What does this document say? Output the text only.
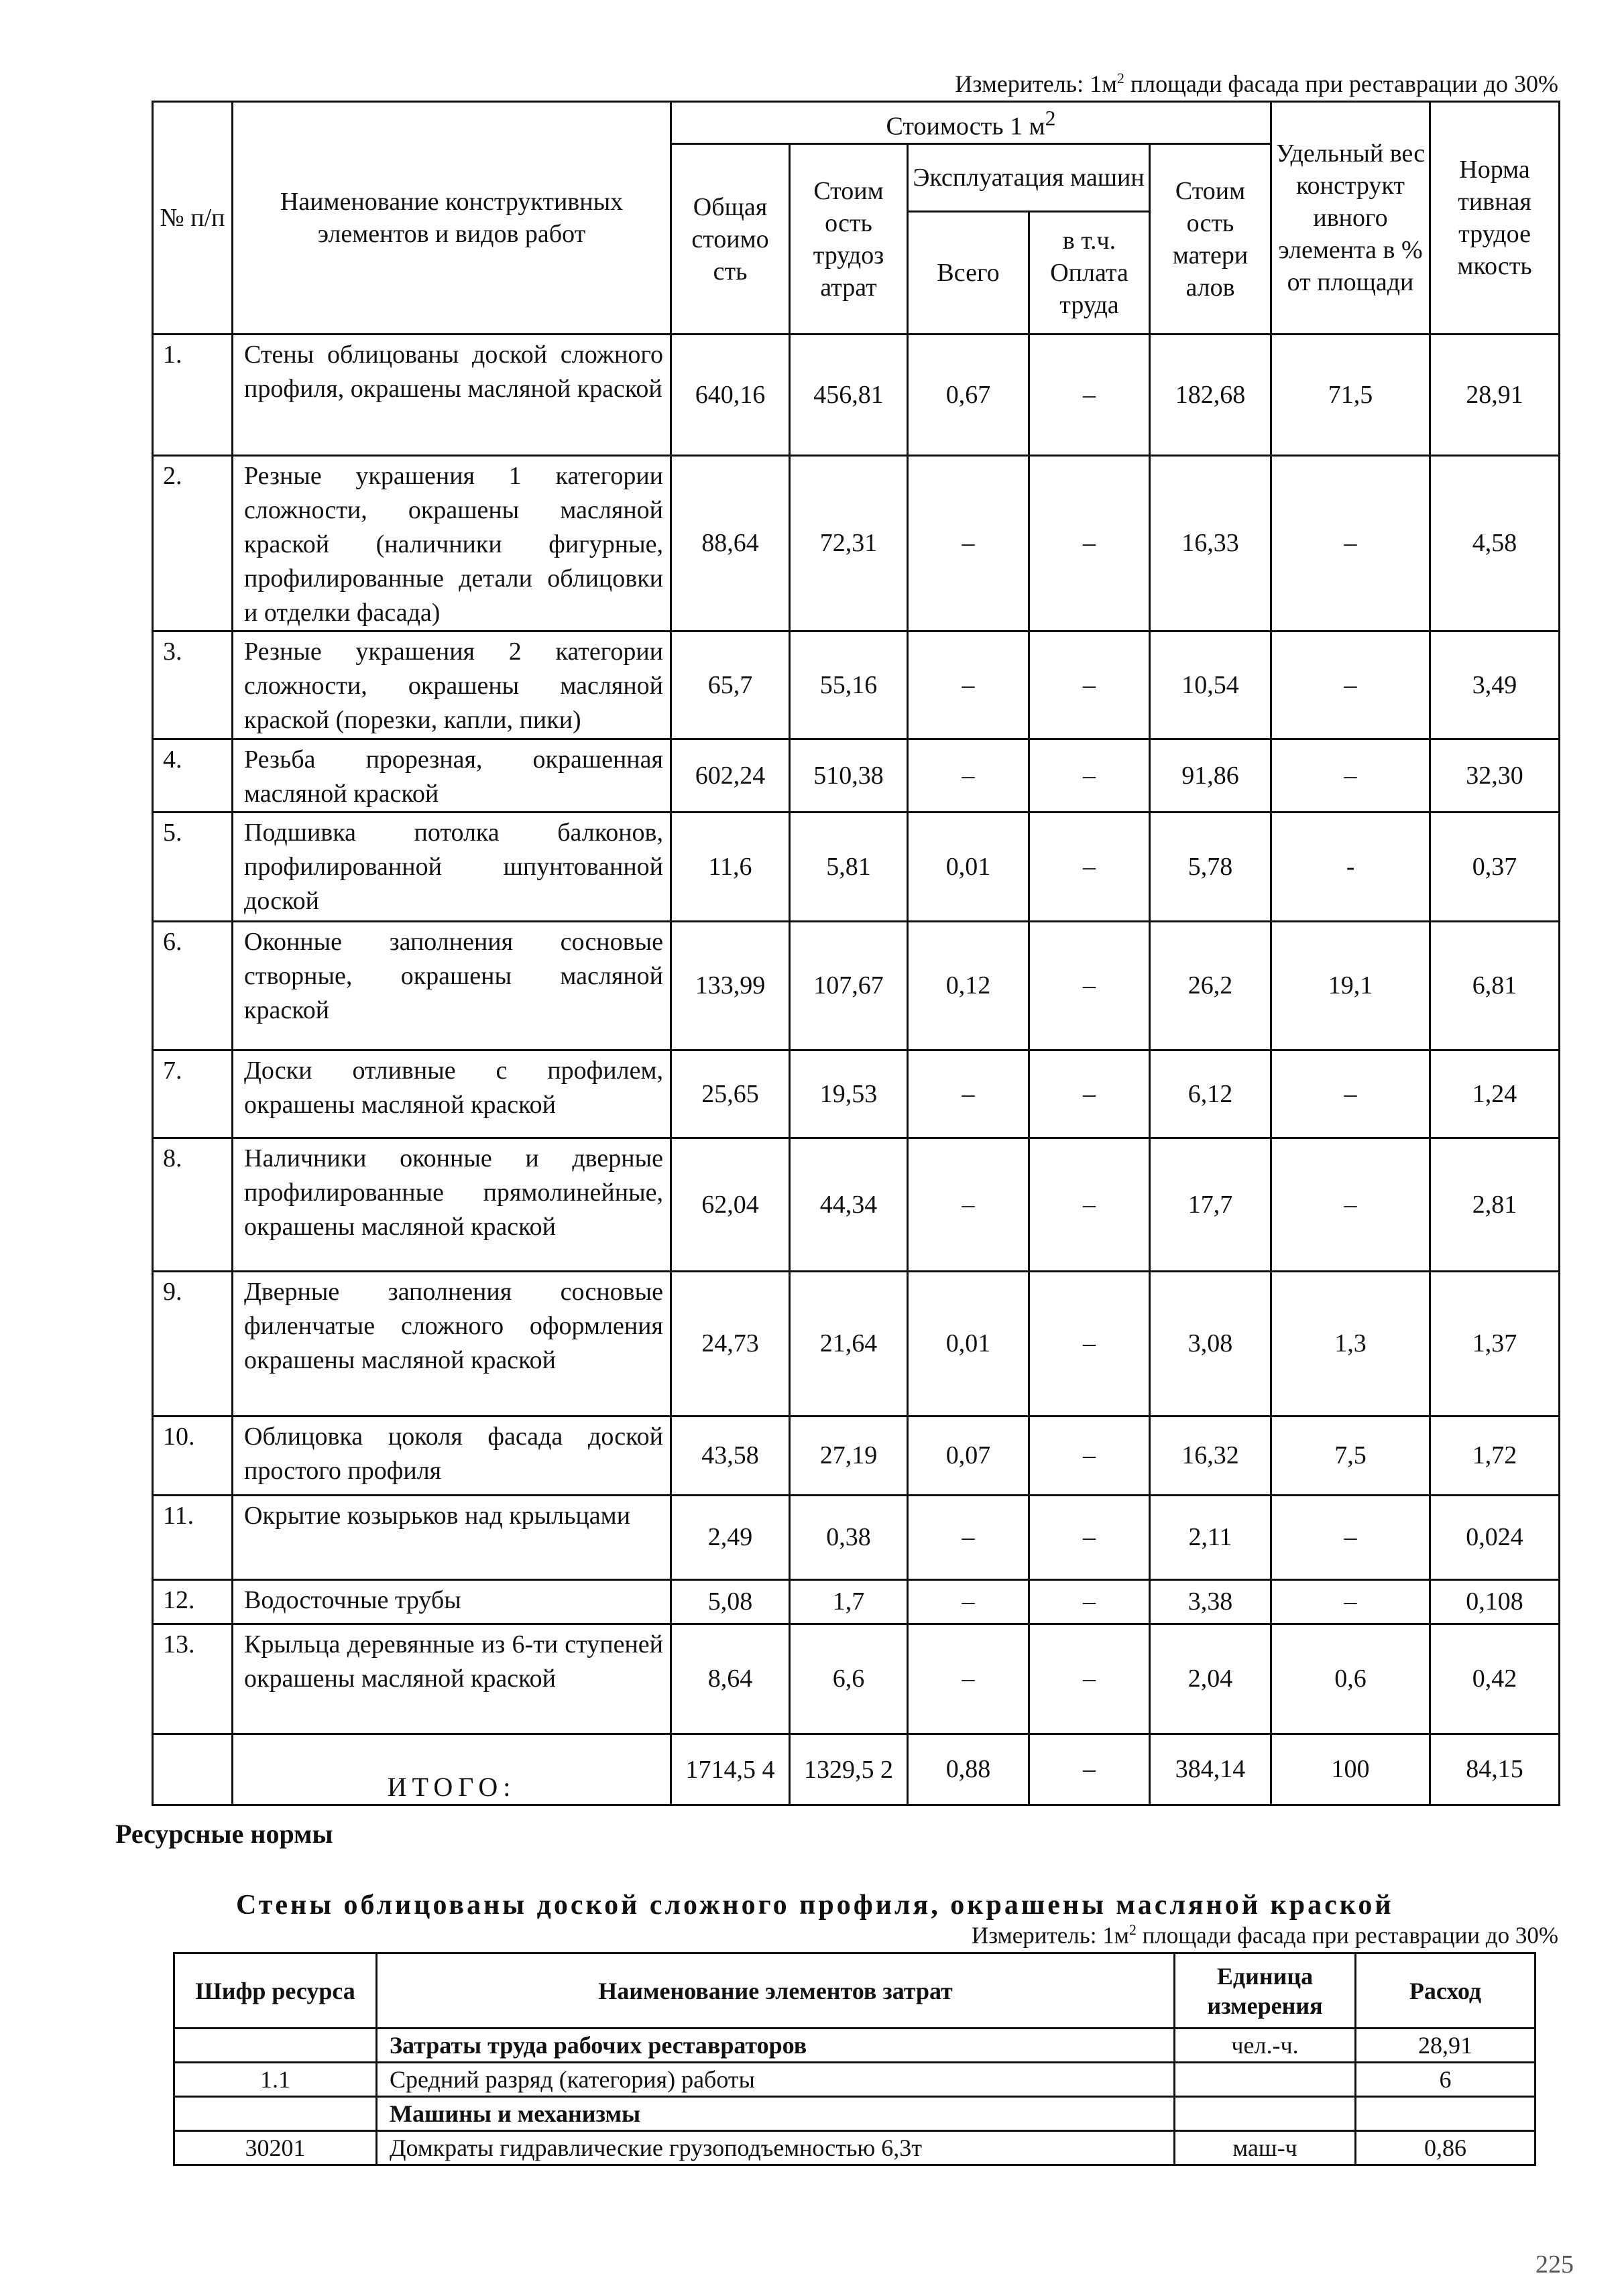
Измеритель: $1м^2$ площади фасада при реставрации до 30%
№ п/п	Наименование конструктивных элементов и видов работ	Стоимость 1 $м^2$					Удельный вес конструкт ивного элемента в % от площади	Норма тивная трудое мкость
		Общая стоимо сть	Стоим ость трудоз атрат	Эксплуатация машин		Стоим ость матери алов		
				Всего	в т.ч. Оплата труда			
1.	Стены облицованы доской сложного профиля, окрашены масляной краской	640,16	456,81	0,67	–	182,68	71,5	28,91
2.	Резные украшения 1 категории сложности, окрашены масляной краской (наличники фигурные, профилированные детали облицовки и отделки фасада)	88,64	72,31	–	–	16,33	–	4,58
3.	Резные украшения 2 категории сложности, окрашены масляной краской (порезки, капли, пики)	65,7	55,16	–	–	10,54	–	3,49
4.	Резьба прорезная, окрашенная масляной краской	602,24	510,38	–	–	91,86	–	32,30
5.	Подшивка потолка балконов, профилированной шпунтованной доской	11,6	5,81	0,01	–	5,78	-	0,37
6.	Оконные заполнения сосновые створные, окрашены масляной краской	133,99	107,67	0,12	–	26,2	19,1	6,81
7.	Доски отливные с профилем, окрашены масляной краской	25,65	19,53	–	–	6,12	–	1,24
8.	Наличники оконные и дверные профилированные прямолинейные, окрашены масляной краской	62,04	44,34	–	–	17,7	–	2,81
9.	Дверные заполнения сосновые филенчатые сложного оформления окрашены масляной краской	24,73	21,64	0,01	–	3,08	1,3	1,37
10.	Облицовка цоколя фасада доской простого профиля	43,58	27,19	0,07	–	16,32	7,5	1,72
11.	Окрытие козырьков над крыльцами	2,49	0,38	–	–	2,11	–	0,024
12.	Водосточные трубы	5,08	1,7	–	–	3,38	–	0,108
13.	Крыльца деревянные из 6-ти ступеней окрашены масляной краской	8,64	6,6	–	–	2,04	0,6	0,42
	ИТОГО:	1714,5 4	1329,5 2	0,88	–	384,14	100	84,15
Ресурсные нормы
Стены облицованы доской сложного профиля, окрашены масляной краской
Измеритель: $1м^2$ площади фасада при реставрации до 30%
Шифр ресурса	Наименование элементов затрат	Единица измерения	Расход
	Затраты труда рабочих реставраторов	чел.-ч.	28,91
1.1	Средний разряд (категория) работы		6
	Машины и механизмы		
30201	Домкраты гидравлические грузоподъемностью 6,3т	маш-ч	0,86
225
